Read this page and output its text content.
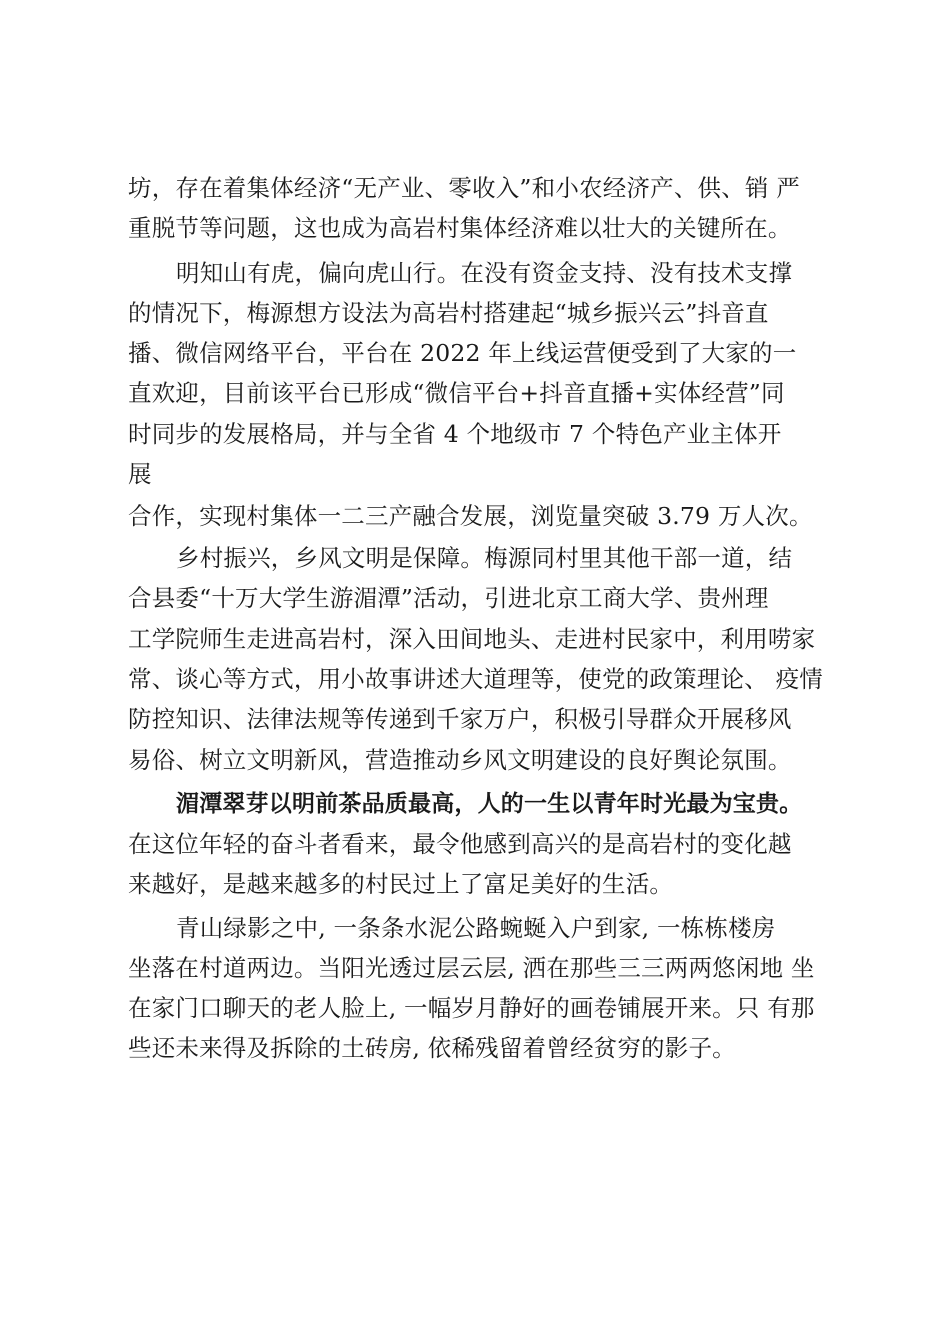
坊，存在着集体经济“无产业、零收入”和小农经济产、供、销 严
重脱节等问题，这也成为高岩村集体经济难以壮大的关键所在。
明知山有虎，偏向虎山行。在没有资金支持、没有技术支撑
的情况下，梅源想方设法为高岩村搭建起“城乡振兴云”抖音直
播、微信网络平台，平台在 2022 年上线运营便受到了大家的一
直欢迎，目前该平台已形成“微信平台+抖音直播+实体经营”同
时同步的发展格局，并与全省 4 个地级市 7 个特色产业主体开
展
合作，实现村集体一二三产融合发展，浏览量突破 3.79 万人次。
乡村振兴，乡风文明是保障。梅源同村里其他干部一道，结
合县委“十万大学生游湄潭”活动，引进北京工商大学、贵州理
工学院师生走进高岩村，深入田间地头、走进村民家中，利用唠家
常、谈心等方式，用小故事讲述大道理等，使党的政策理论、 疫情
防控知识、法律法规等传递到千家万户，积极引导群众开展移风
易俗、树立文明新风，营造推动乡风文明建设的良好舆论氛围。
湄潭翠芽以明前茶品质最高，人的一生以青年时光最为宝贵。
在这位年轻的奋斗者看来，最令他感到高兴的是高岩村的变化越
来越好，是越来越多的村民过上了富足美好的生活。
青山绿影之中, 一条条水泥公路蜿蜒入户到家, 一栋栋楼房
坐落在村道两边。当阳光透过层云层, 洒在那些三三两两悠闲地 坐
在家门口聊天的老人脸上, 一幅岁月静好的画卷铺展开来。只 有那
些还未来得及拆除的土砖房, 依稀残留着曾经贫穷的影子。
